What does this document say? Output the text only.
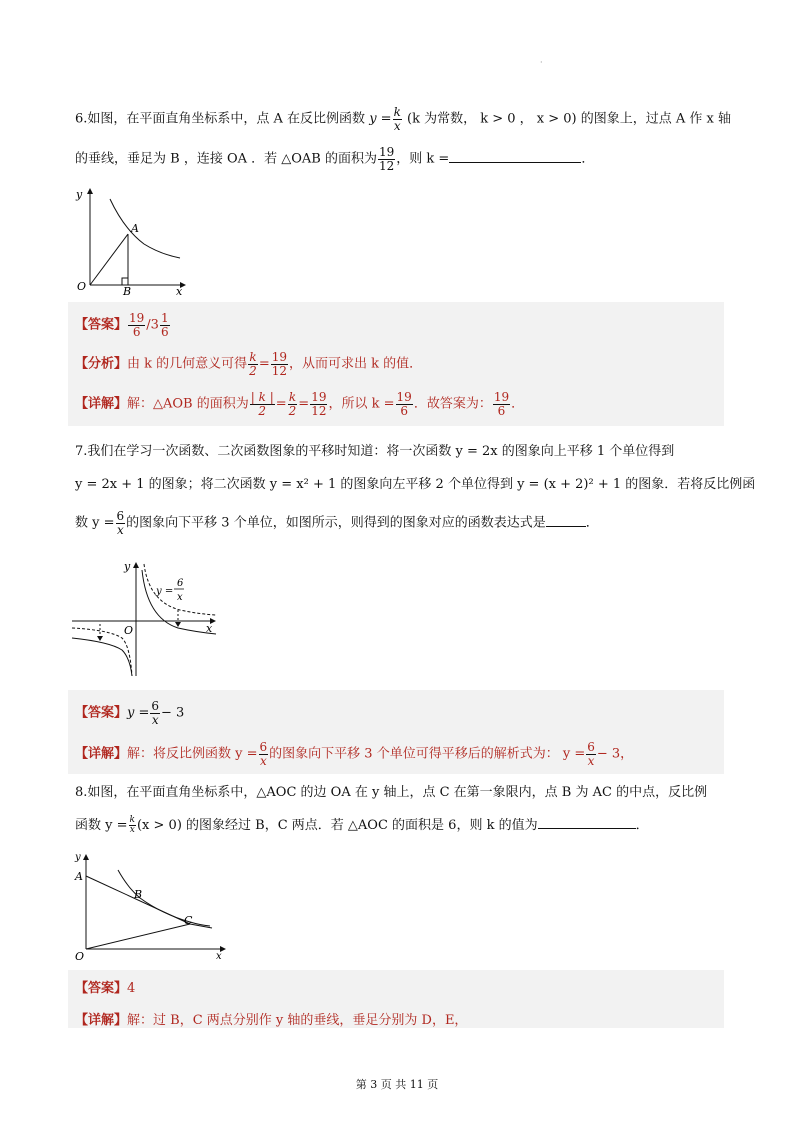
·
6.如图，在平面直角坐标系中，点 A 在反比例函数 $y = \frac{k}{x} (k$ 为常数， k > 0 ， x > 0) 的图象上，过点 A 作 x 轴
的垂线，垂足为 B ，连接 OA ．若 △OAB 的面积为 $\frac{19}{12}$ ，则 k =	．
y
A
O	B	x
【答案】 $\frac{19}{6} /3 \frac{1}{6}$
【分析】由 k 的几何意义可得 $\frac{k}{2} = \frac{19}{12}$ ，从而可求出 k 的值．
【详解】解：△AOB 的面积为 $\frac{| k |}{2} = \frac{k}{2} = \frac{19}{12}$ ，所以 $k = \frac{19}{6}$ ．故答案为： $\frac{19}{6}$ ．
7.我们在学习一次函数、二次函数图象的平移时知道：将一次函数 y = 2x 的图象向上平移 1 个单位得到
y = 2x + 1 的图象；将二次函数 y = x² + 1 的图象向左平移 2 个单位得到 y = (x + 2)² + 1 的图象．若将反比例函
数 $y = \frac{6}{x}$ 的图象向下平移 3 个单位，如图所示，则得到的图象对应的函数表达式是	．
y
O	x
y =
6
x
【答案】$y = \frac{6}{x} - 3$
【详解】解：将反比例函数 $y = \frac{6}{x}$ 的图象向下平移 3 个单位可得平移后的解析式为： $y = \frac{6}{x} - 3$，
8.如图，在平面直角坐标系中，△AOC 的边 OA 在 y 轴上，点 C 在第一象限内，点 B 为 AC 的中点，反比例
函数 $y = \frac{k}{x} (x > 0)$ 的图象经过 B，C 两点．若 △AOC 的面积是 6，则 k 的值为	．
y
A
B
C
O	x
【答案】4
【详解】解：过 B，C 两点分别作 y 轴的垂线，垂足分别为 D，E，
第 3 页 共 11 页
